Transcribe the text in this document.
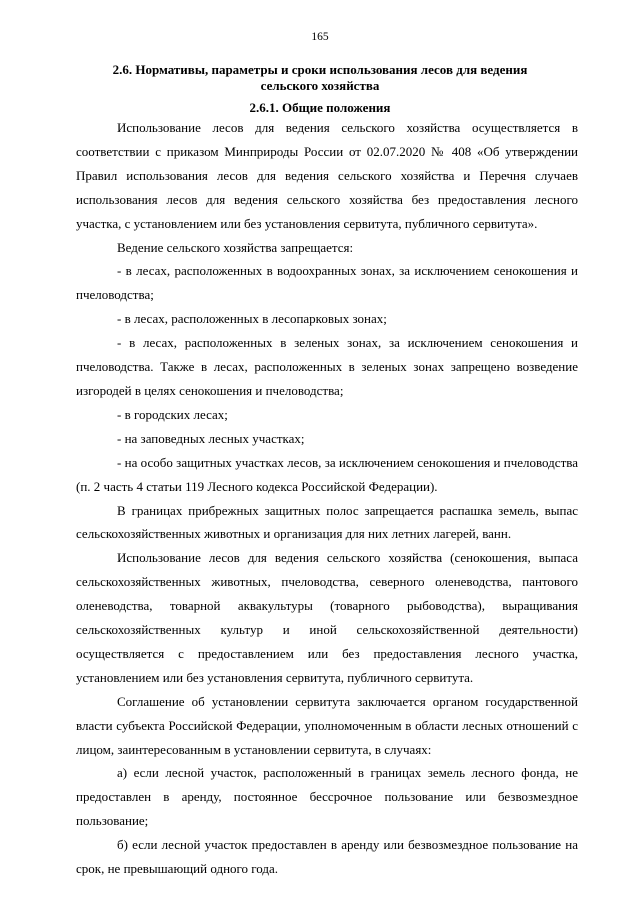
165
2.6. Нормативы, параметры и сроки использования лесов для ведения сельского хозяйства
2.6.1. Общие положения

Использование лесов для ведения сельского хозяйства осуществляется в соответствии с приказом Минприроды России от 02.07.2020 № 408 «Об утверждении Правил использования лесов для ведения сельского хозяйства и Перечня случаев использования лесов для ведения сельского хозяйства без предоставления лесного участка, с установлением или без установления сервитута, публичного сервитута».

Ведение сельского хозяйства запрещается:

- в лесах, расположенных в водоохранных зонах, за исключением сенокошения и пчеловодства;

- в лесах, расположенных в лесопарковых зонах;

- в лесах, расположенных в зеленых зонах, за исключением сенокошения и пчеловодства. Также в лесах, расположенных в зеленых зонах запрещено возведение изгородей в целях сенокошения и пчеловодства;

- в городских лесах;

- на заповедных лесных участках;

- на особо защитных участках лесов, за исключением сенокошения и пчеловодства (п. 2 часть 4 статьи 119 Лесного кодекса Российской Федерации).

В границах прибрежных защитных полос запрещается распашка земель, выпас сельскохозяйственных животных и организация для них летних лагерей, ванн.

Использование лесов для ведения сельского хозяйства (сенокошения, выпаса сельскохозяйственных животных, пчеловодства, северного оленеводства, пантового оленеводства, товарной аквакультуры (товарного рыбоводства), выращивания сельскохозяйственных культур и иной сельскохозяйственной деятельности) осуществляется с предоставлением или без предоставления лесного участка, установлением или без установления сервитута, публичного сервитута.

Соглашение об установлении сервитута заключается органом государственной власти субъекта Российской Федерации, уполномоченным в области лесных отношений с лицом, заинтересованным в установлении сервитута, в случаях:

а) если лесной участок, расположенный в границах земель лесного фонда, не предоставлен в аренду, постоянное бессрочное пользование или безвозмездное пользование;

б) если лесной участок предоставлен в аренду или безвозмездное пользование на срок, не превышающий одного года.
